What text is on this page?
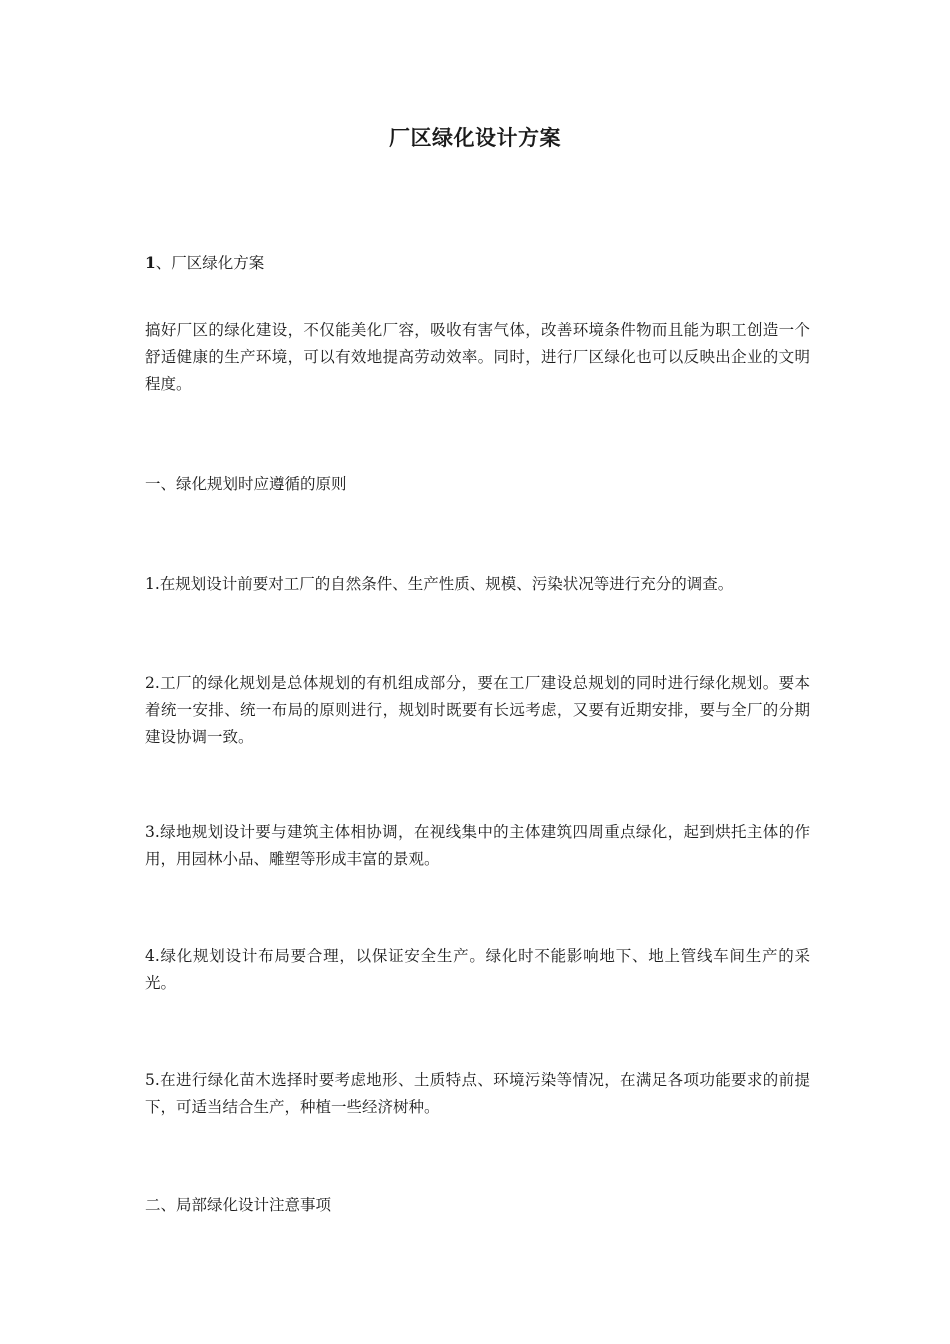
厂区绿化设计方案
1、厂区绿化方案
搞好厂区的绿化建设，不仅能美化厂容，吸收有害气体，改善环境条件物而且能为职工创造一个舒适健康的生产环境，可以有效地提高劳动效率。同时，进行厂区绿化也可以反映出企业的文明程度。
一、绿化规划时应遵循的原则
1.在规划设计前要对工厂的自然条件、生产性质、规模、污染状况等进行充分的调查。
2.工厂的绿化规划是总体规划的有机组成部分，要在工厂建设总规划的同时进行绿化规划。要本着统一安排、统一布局的原则进行，规划时既要有长远考虑，又要有近期安排，要与全厂的分期建设协调一致。
3.绿地规划设计要与建筑主体相协调，在视线集中的主体建筑四周重点绿化，起到烘托主体的作用，用园林小品、雕塑等形成丰富的景观。
4.绿化规划设计布局要合理，以保证安全生产。绿化时不能影响地下、地上管线车间生产的采光。
5.在进行绿化苗木选择时要考虑地形、土质特点、环境污染等情况，在满足各项功能要求的前提下，可适当结合生产，种植一些经济树种。
二、局部绿化设计注意事项
